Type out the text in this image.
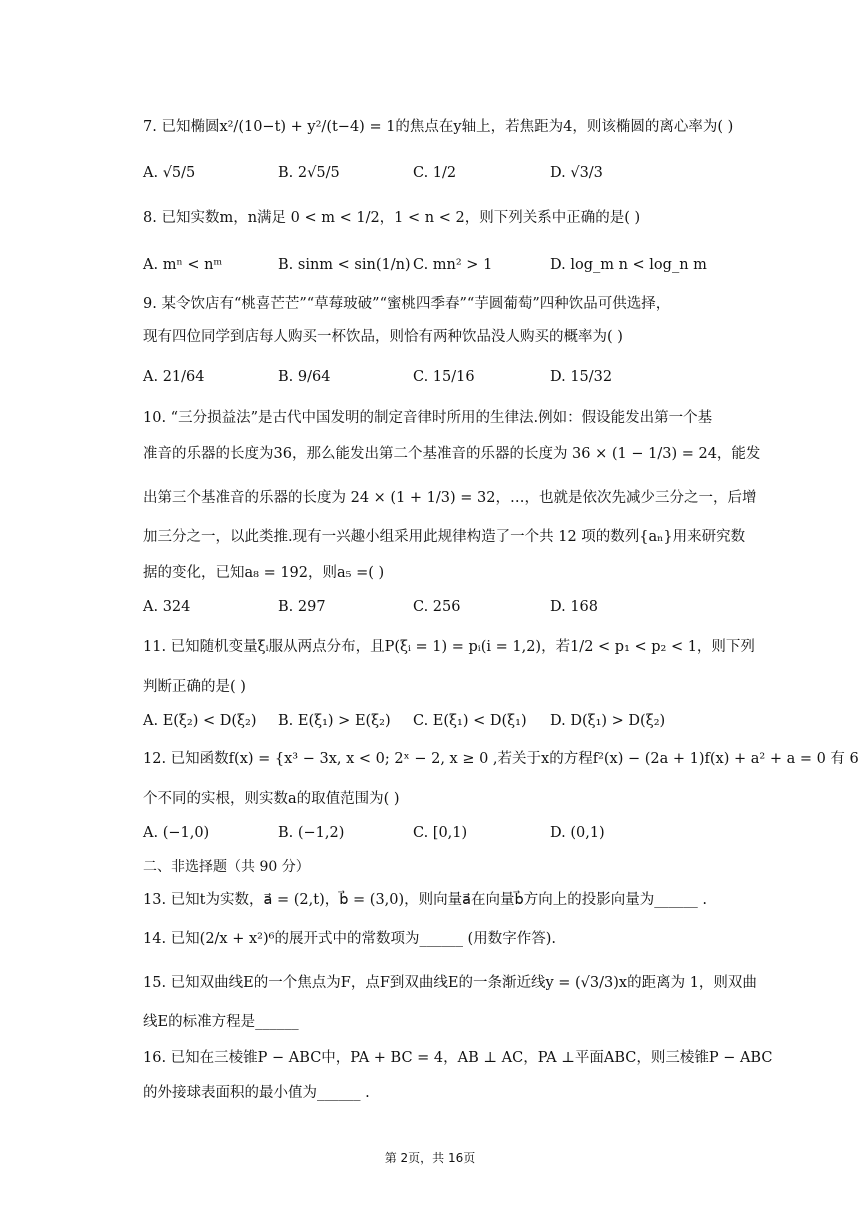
7. 已知椭圆x²/(10−t) + y²/(t−4) = 1的焦点在y轴上，若焦距为4，则该椭圆的离心率为( )
A. √5/5	B. 2√5/5	C. 1/2	D. √3/3
8. 已知实数m，n满足 0 < m < 1/2，1 < n < 2，则下列关系中正确的是( )
A. mⁿ < nᵐ	B. sinm < sin(1/n) C. mn² > 1	D. log_m n < log_n m
9. 某令饮店有“桃喜芒芒”“草莓玻破”“蜜桃四季春”“芋圆葡萄”四种饮品可供选择，
现有四位同学到店每人购买一杯饮品，则恰有两种饮品没人购买的概率为( )
A. 21/64	B. 9/64	C. 15/16	D. 15/32
10. “三分损益法”是古代中国发明的制定音律时所用的生律法.例如：假设能发出第一个基
准音的乐器的长度为36，那么能发出第二个基准音的乐器的长度为 36 × (1 − 1/3) = 24，能发
出第三个基准音的乐器的长度为 24 × (1 + 1/3) = 32，…，也就是依次先减少三分之一，后增
加三分之一，以此类推.现有一兴趣小组采用此规律构造了一个共 12 项的数列{aₙ}用来研究数
据的变化，已知a₈ = 192，则a₅ =( )
A. 324	B. 297	C. 256	D. 168
11. 已知随机变量ξᵢ服从两点分布，且P(ξᵢ = 1) = pᵢ(i = 1,2)，若1/2 < p₁ < p₂ < 1，则下列
判断正确的是( )
A. E(ξ₂) < D(ξ₂) B. E(ξ₁) > E(ξ₂) C. E(ξ₁) < D(ξ₁) D. D(ξ₁) > D(ξ₂)
12. 已知函数f(x) = {x³ − 3x, x < 0; 2ˣ − 2, x ≥ 0 ,若关于x的方程f²(x) − (2a + 1)f(x) + a² + a = 0 有 6
个不同的实根，则实数a的取值范围为( )
A. (−1,0)	B. (−1,2)	C. [0,1)	D. (0,1)
二、非选择题（共 90 分）
13. 已知t为实数，a⃗ = (2,t)，b⃗ = (3,0)，则向量a⃗在向量b⃗方向上的投影向量为______ .
14. 已知(2/x + x²)⁶的展开式中的常数项为______ (用数字作答).
15. 已知双曲线E的一个焦点为F，点F到双曲线E的一条渐近线y = (√3/3)x的距离为 1，则双曲
线E的标准方程是______
16. 已知在三棱锥P − ABC中，PA + BC = 4，AB ⊥ AC，PA ⊥平面ABC，则三棱锥P − ABC
的外接球表面积的最小值为______ .
第 2页，共 16页
